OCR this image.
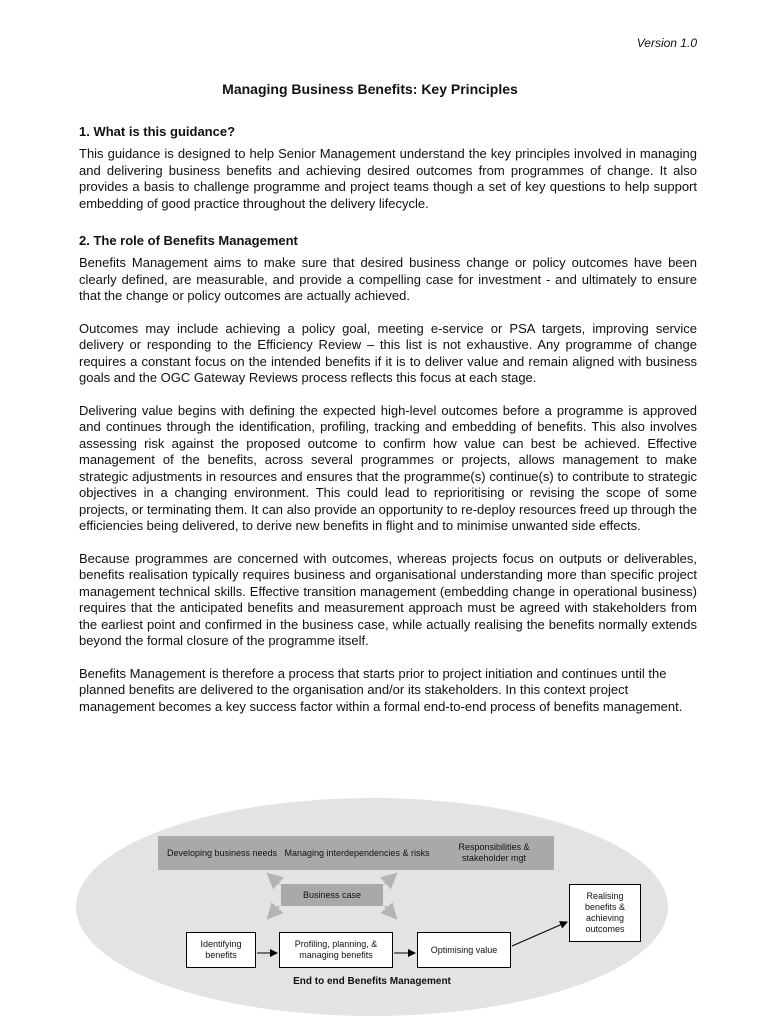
Version 1.0
Managing Business Benefits: Key Principles

1. What is this guidance?

This guidance is designed to help Senior Management understand the key principles involved in managing and delivering business benefits and achieving desired outcomes from programmes of change. It also provides a basis to challenge programme and project teams though a set of key questions to help support embedding of good practice throughout the delivery lifecycle.

2. The role of Benefits Management

Benefits Management aims to make sure that desired business change or policy outcomes have been clearly defined, are measurable, and provide a compelling case for investment - and ultimately to ensure that the change or policy outcomes are actually achieved.

Outcomes may include achieving a policy goal, meeting e-service or PSA targets, improving service delivery or responding to the Efficiency Review – this list is not exhaustive. Any programme of change requires a constant focus on the intended benefits if it is to deliver value and remain aligned with business goals and the OGC Gateway Reviews process reflects this focus at each stage.

Delivering value begins with defining the expected high-level outcomes before a programme is approved and continues through the identification, profiling, tracking and embedding of benefits. This also involves assessing risk against the proposed outcome to confirm how value can best be achieved. Effective management of the benefits, across several programmes or projects, allows management to make strategic adjustments in resources and ensures that the programme(s) continue(s) to contribute to strategic objectives in a changing environment. This could lead to reprioritising or revising the scope of some projects, or terminating them. It can also provide an opportunity to re-deploy resources freed up through the efficiencies being delivered, to derive new benefits in flight and to minimise unwanted side effects.

Because programmes are concerned with outcomes, whereas projects focus on outputs or deliverables, benefits realisation typically requires business and organisational understanding more than specific project management technical skills. Effective transition management (embedding change in operational business) requires that the anticipated benefits and measurement approach must be agreed with stakeholders from the earliest point and confirmed in the business case, while actually realising the benefits normally extends beyond the formal closure of the programme itself.

Benefits Management is therefore a process that starts prior to project initiation and continues until the planned benefits are delivered to the organisation and/or its stakeholders. In this context project management becomes a key success factor within a formal end-to-end process of benefits management.

Developing business needs Managing interdependencies & risks
Responsibilities & stakeholder mgt
Business case
Identifying benefits
Profiling, planning, & managing benefits
Optimising value
Realising benefits & achieving outcomes
End to end Benefits Management
